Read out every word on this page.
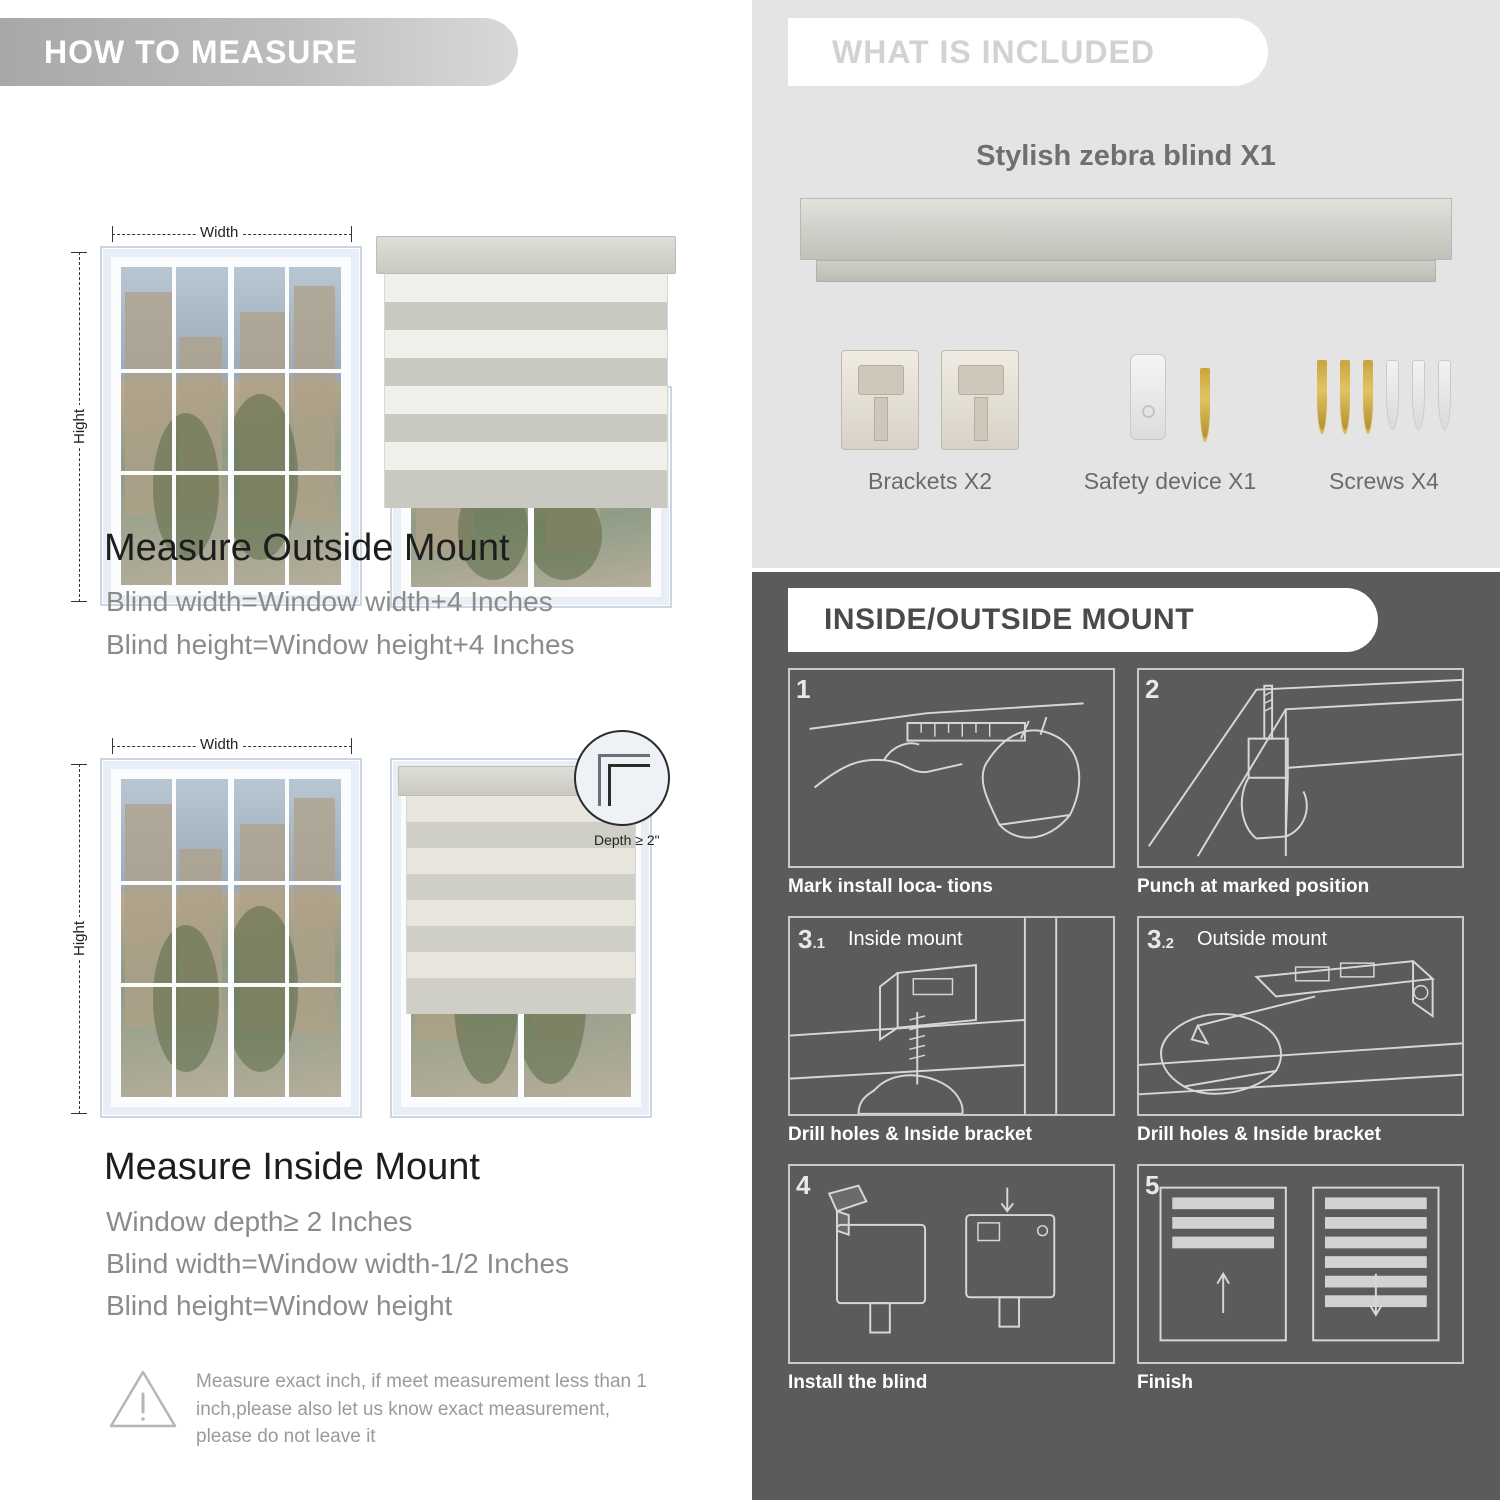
HOW TO MEASURE
Width
Hight
Measure Outside Mount
Blind width=Window width+4 Inches
Blind height=Window height+4 Inches
Width
Hight
Depth ≥ 2"
Measure Inside Mount
Window depth≥ 2 Inches
Blind width=Window width-1/2 Inches
Blind height=Window height
Measure exact inch, if meet measurement less than 1 inch,please also let us know exact measurement, please do not leave it
WHAT IS INCLUDED
Stylish zebra blind X1
Brackets X2	Safety device X1	Screws X4
INSIDE/OUTSIDE MOUNT
Mark install loca- tions
1
Punch at marked position
2
3.1 Inside mount
Drill holes & Inside bracket
3.2 Outside mount
Drill holes & Inside bracket
Install the blind
4
Finish
5
